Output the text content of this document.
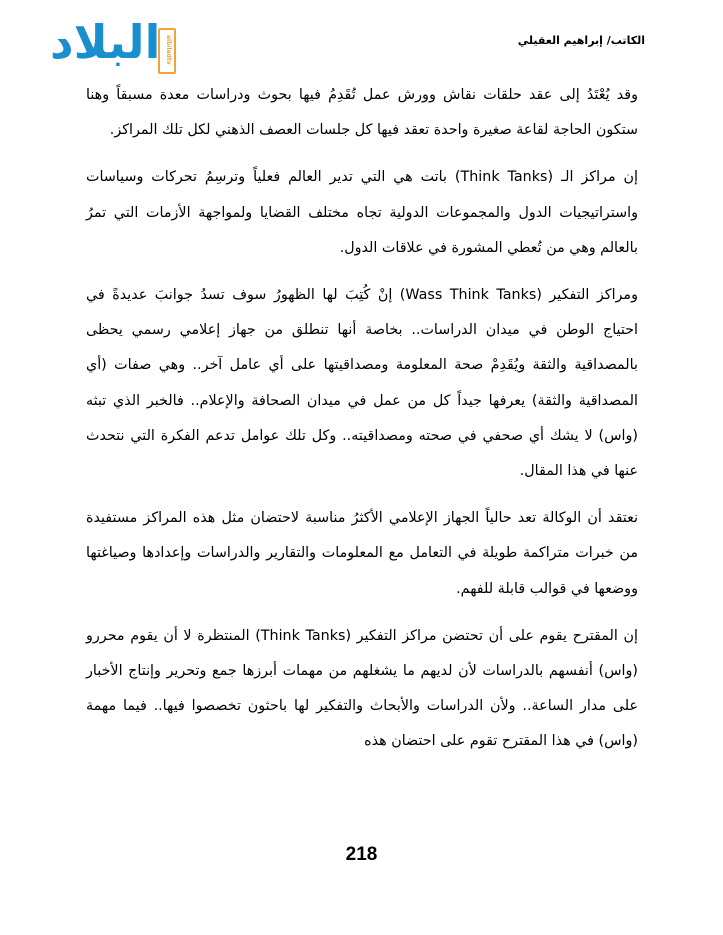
البلاد albiladtv	الكاتب/ إبراهيم العقيلي

وقد يُعْتَدُ إلى عقد حلقات نقاش وورش عمل تُقَدِمُ فيها بحوث ودراسات معدة مسبقاً وهنا ستكون الحاجة لقاعة صغيرة واحدة تعقد فيها كل جلسات العصف الذهني لكل تلك المراكز.

إن مراكز الـ (Think Tanks) باتت هي التي تدير العالم فعلياً وترسِمُ تحركات وسياسات واستراتيجيات الدول والمجموعات الدولية تجاه مختلف القضايا ولمواجهة الأزمات التي تمرُ بالعالم وهي من تُعطي المشورة في علاقات الدول.

ومراكز التفكير (Wass Think Tanks) إنْ كُتِبَ لها الظهورُ سوف تسدُ جوانبَ عديدةً في احتياج الوطن في ميدان الدراسات.. بخاصة أنها تنطلق من جهاز إعلامي رسمي يحظى بالمصداقية والثقة ويُقَدِمْ صحة المعلومة ومصداقيتها على أي عامل آخر.. وهي صفات (أي المصداقية والثقة) يعرفها جيداً كل من عمل في ميدان الصحافة والإعلام.. فالخبر الذي تبثه (واس) لا يشك أي صحفي في صحته ومصداقيته.. وكل تلك عوامل تدعم الفكرة التي نتحدث عنها في هذا المقال.

نعتقد أن الوكالة تعد حالياً الجهاز الإعلامي الأكثرُ مناسبة لاحتضان مثل هذه المراكز مستفيدة من خبرات متراكمة طويلة في التعامل مع المعلومات والتقارير والدراسات وإعدادها وصياغتها ووضعها في قوالب قابلة للفهم.

إن المقترح يقوم على أن تحتضن مراكز التفكير (Think Tanks) المنتظرة لا أن يقوم محررو (واس) أنفسهم بالدراسات لأن لديهم ما يشغلهم من مهمات أبرزها جمع وتحرير وإنتاج الأخبار على مدار الساعة.. ولأن الدراسات والأبحاث والتفكير لها باحثون تخصصوا فيها.. فيما مهمة (واس) في هذا المقترح تقوم على احتضان هذه

218
